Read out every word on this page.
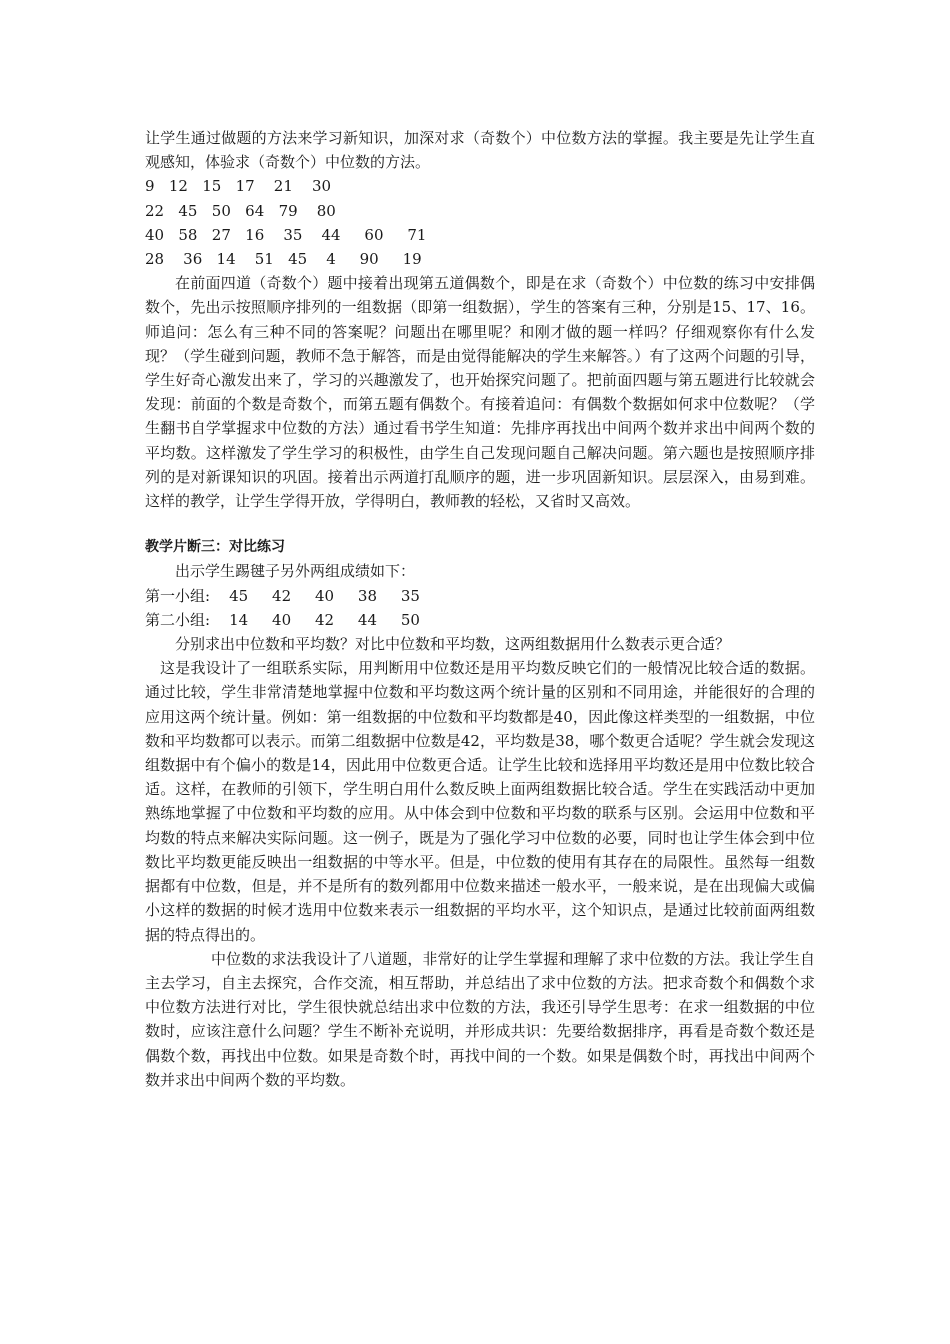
让学生通过做题的方法来学习新知识，加深对求（奇数个）中位数方法的掌握。我主要是先让学生直观感知，体验求（奇数个）中位数的方法。

9   12   15   17    21    30

22   45   50   64   79    80

40   58   27   16    35    44     60     71

28    36   14    51   45    4     90     19

在前面四道（奇数个）题中接着出现第五道偶数个，即是在求（奇数个）中位数的练习中安排偶数个，先出示按照顺序排列的一组数据（即第一组数据），学生的答案有三种，分别是15、17、16。师追问：怎么有三种不同的答案呢？问题出在哪里呢？和刚才做的题一样吗？仔细观察你有什么发现？（学生碰到问题，教师不急于解答，而是由觉得能解决的学生来解答。）有了这两个问题的引导，学生好奇心激发出来了，学习的兴趣激发了，也开始探究问题了。把前面四题与第五题进行比较就会发现：前面的个数是奇数个，而第五题有偶数个。有接着追问：有偶数个数据如何求中位数呢？（学生翻书自学掌握求中位数的方法）通过看书学生知道：先排序再找出中间两个数并求出中间两个数的平均数。这样激发了学生学习的积极性，由学生自己发现问题自己解决问题。第六题也是按照顺序排列的是对新课知识的巩固。接着出示两道打乱顺序的题，进一步巩固新知识。层层深入，由易到难。这样的教学，让学生学得开放，学得明白，教师教的轻松，又省时又高效。

教学片断三：对比练习

出示学生踢毽子另外两组成绩如下：

第一小组:    45     42     40     38     35

第二小组:    14     40     42     44     50

分别求出中位数和平均数？对比中位数和平均数，这两组数据用什么数表示更合适？

这是我设计了一组联系实际，用判断用中位数还是用平均数反映它们的一般情况比较合适的数据。通过比较，学生非常清楚地掌握中位数和平均数这两个统计量的区别和不同用途，并能很好的合理的应用这两个统计量。例如：第一组数据的中位数和平均数都是40，因此像这样类型的一组数据，中位数和平均数都可以表示。而第二组数据中位数是42，平均数是38，哪个数更合适呢？学生就会发现这组数据中有个偏小的数是14，因此用中位数更合适。让学生比较和选择用平均数还是用中位数比较合适。这样，在教师的引领下，学生明白用什么数反映上面两组数据比较合适。学生在实践活动中更加熟练地掌握了中位数和平均数的应用。从中体会到中位数和平均数的联系与区别。会运用中位数和平均数的特点来解决实际问题。这一例子，既是为了强化学习中位数的必要，同时也让学生体会到中位数比平均数更能反映出一组数据的中等水平。但是，中位数的使用有其存在的局限性。虽然每一组数据都有中位数，但是，并不是所有的数列都用中位数来描述一般水平，一般来说，是在出现偏大或偏小这样的数据的时候才选用中位数来表示一组数据的平均水平，这个知识点，是通过比较前面两组数据的特点得出的。

中位数的求法我设计了八道题，非常好的让学生掌握和理解了求中位数的方法。我让学生自主去学习，自主去探究，合作交流，相互帮助，并总结出了求中位数的方法。把求奇数个和偶数个求中位数方法进行对比，学生很快就总结出求中位数的方法，我还引导学生思考：在求一组数据的中位数时，应该注意什么问题？学生不断补充说明，并形成共识：先要给数据排序，再看是奇数个数还是偶数个数，再找出中位数。如果是奇数个时，再找中间的一个数。如果是偶数个时，再找出中间两个数并求出中间两个数的平均数。
